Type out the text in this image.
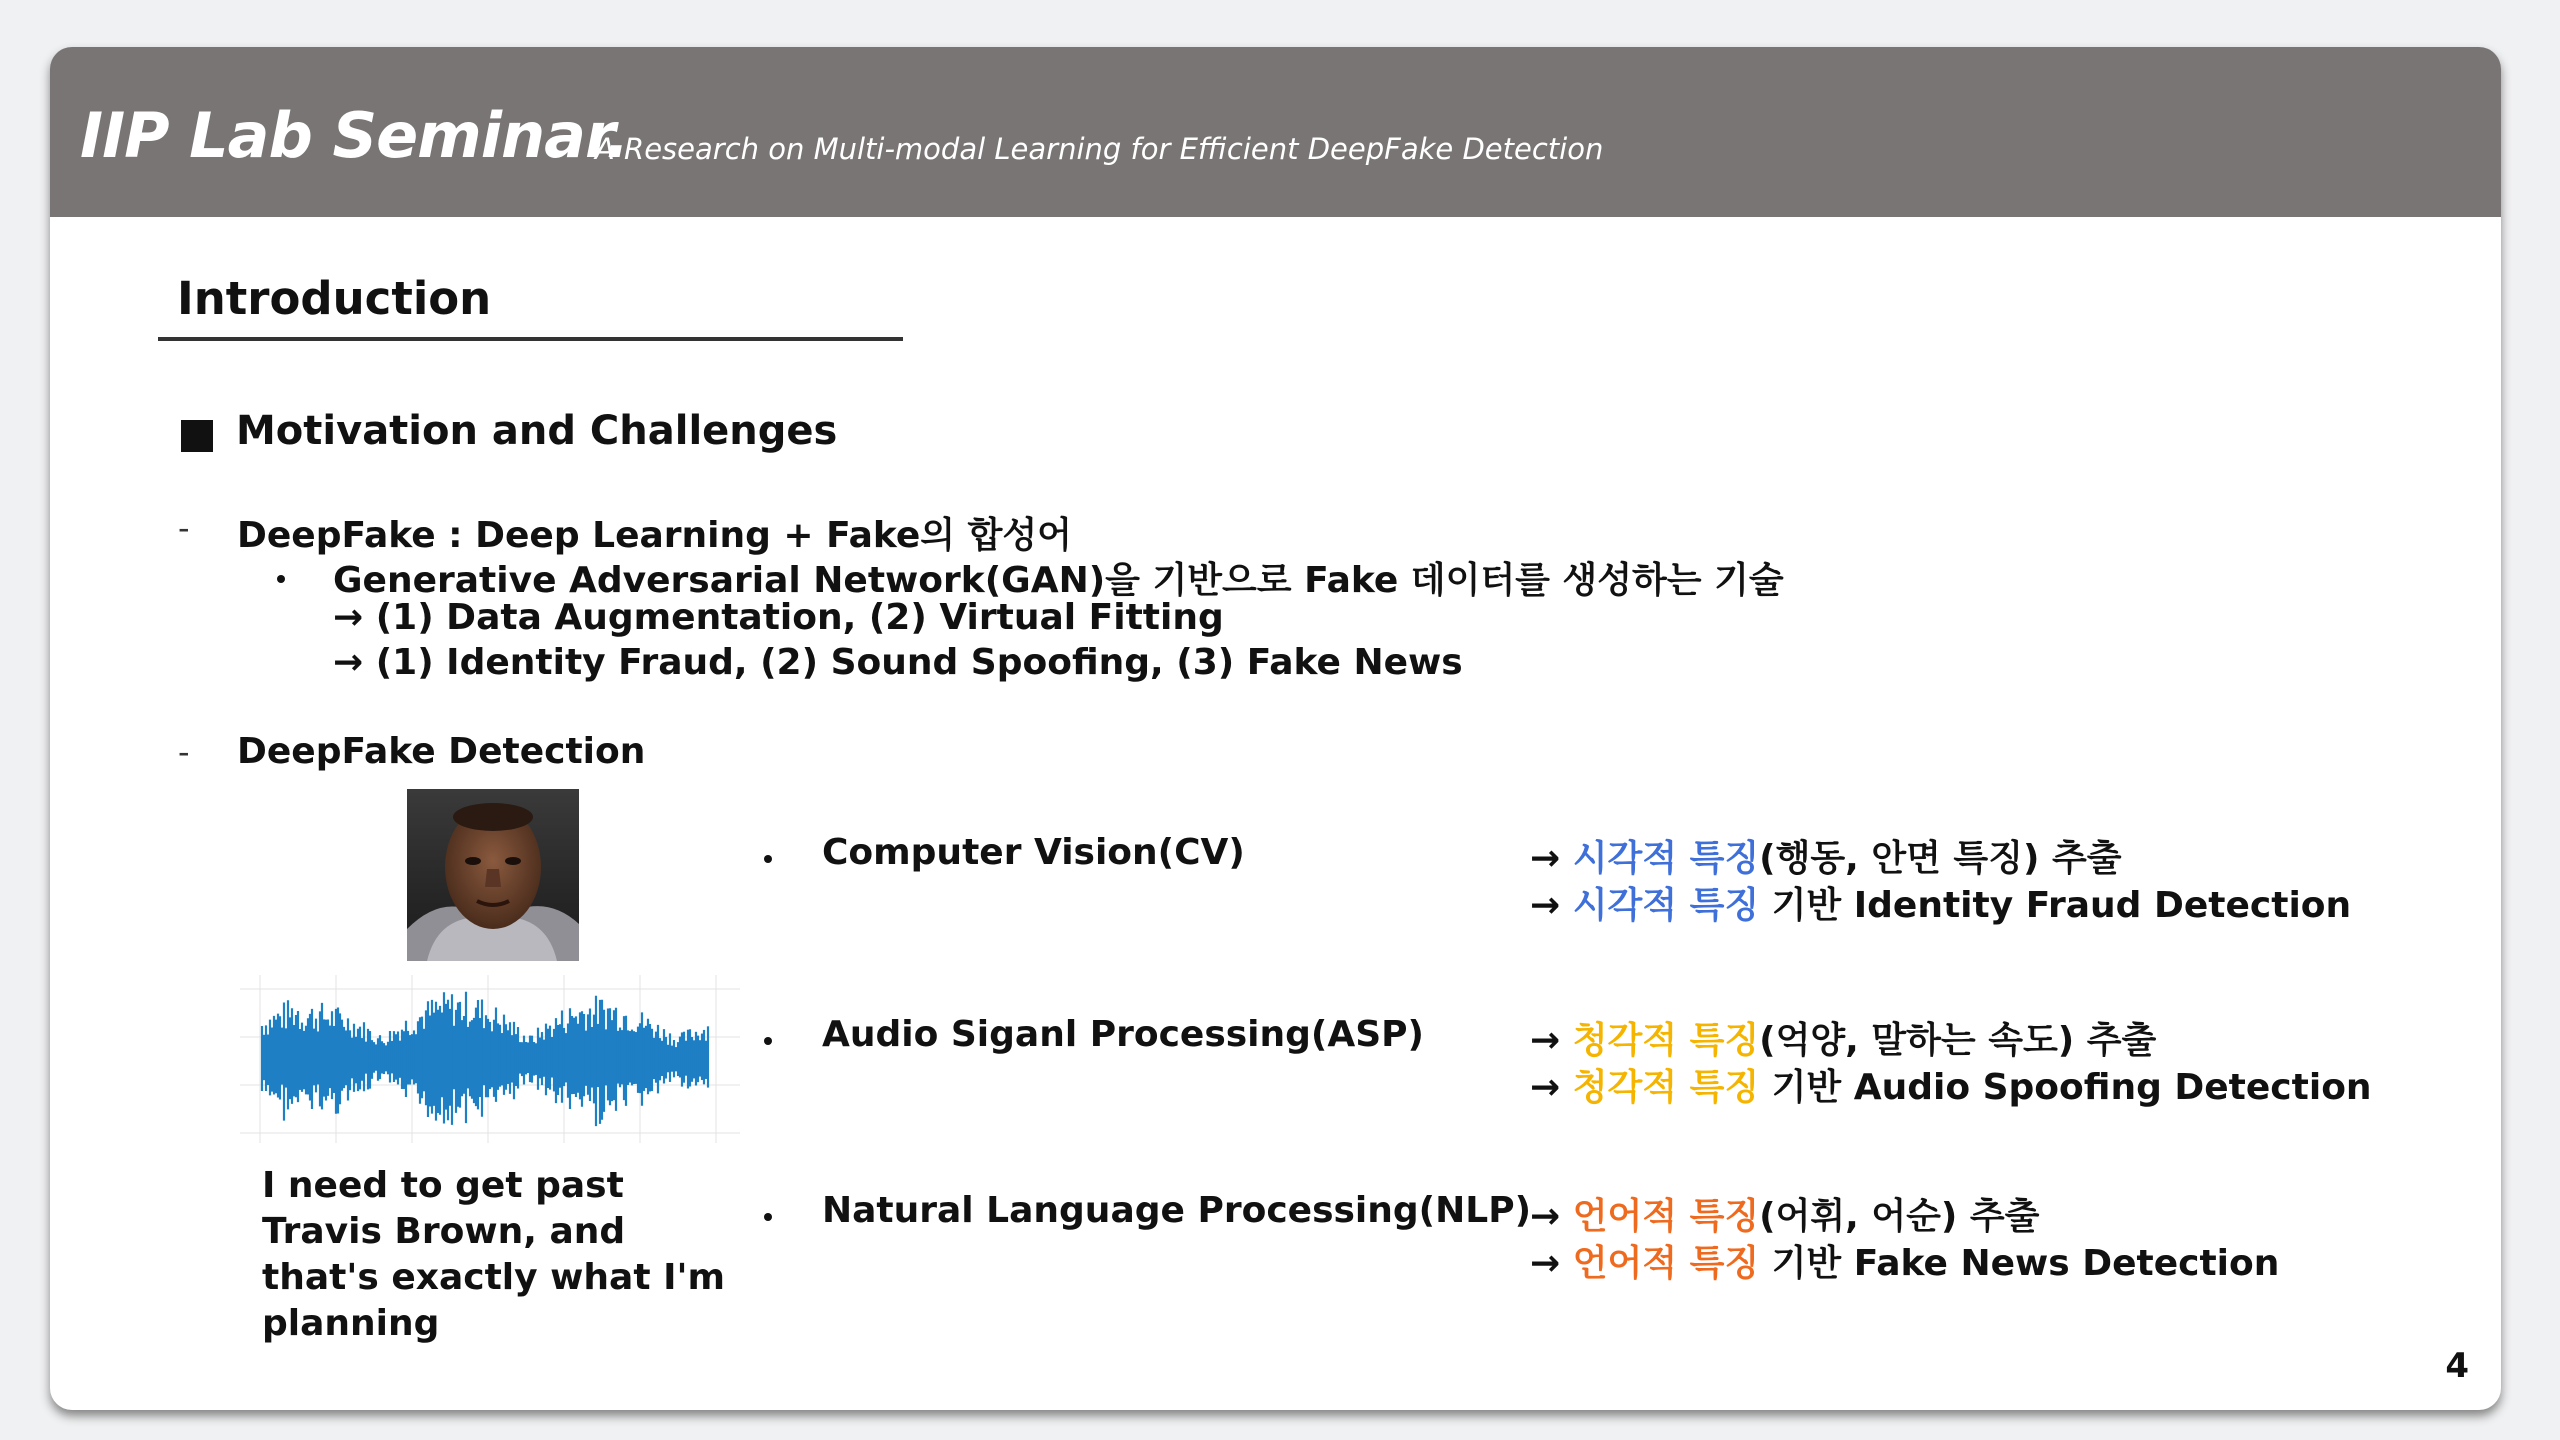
IIP Lab Seminar.
A Research on Multi-modal Learning for Efficient DeepFake Detection
Introduction
Motivation and Challenges
- DeepFake : Deep Learning + Fake의 합성어
Generative Adversarial Network(GAN)을 기반으로 Fake 데이터를 생성하는 기술
→ (1) Data Augmentation, (2) Virtual Fitting
→ (1) Identity Fraud, (2) Sound Spoofing, (3) Fake News
- DeepFake Detection
I need to get past Travis Brown, and that's exactly what I'm planning
Computer Vision(CV)	→ 시각적 특징(행동, 안면 특징) 추출
→ 시각적 특징 기반 Identity Fraud Detection
Audio Siganl Processing(ASP)	→ 청각적 특징(억양, 말하는 속도) 추출
→ 청각적 특징 기반 Audio Spoofing Detection
Natural Language Processing(NLP)
→ 언어적 특징(어휘, 어순) 추출
→ 언어적 특징 기반 Fake News Detection
4
